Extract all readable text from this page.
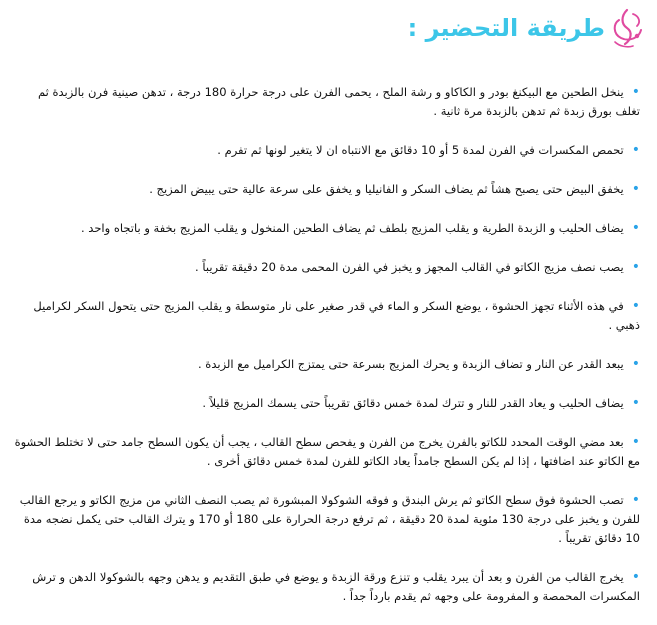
طريقة التحضير :
•ينخل الطحين مع البيكنغ بودر و الكاكاو و رشة الملح ، يحمى الفرن على درجة حرارة 180 درجة ، تدهن صينية فرن بالزبدة ثم تغلف بورق زبدة ثم تدهن بالزبدة مرة ثانية .
•تحمص المكسرات في الفرن لمدة 5 أو 10 دقائق مع الانتباه ان لا يتغير لونها ثم تفرم .
•يخفق البيض حتى يصبح هشاً ثم يضاف السكر و الفانيليا و يخفق على سرعة عالية حتى يبيض المزيج .
•يضاف الحليب و الزبدة الطرية و يقلب المزيج بلطف ثم يضاف الطحين المنخول و يقلب المزيج بخفة و باتجاه واحد .
•يصب نصف مزيج الكاتو في القالب المجهز و يخبز في الفرن المحمى مدة 20 دقيقة تقريباً .
•في هذه الأثناء تجهز الحشوة ، يوضع السكر و الماء في قدر صغير على نار متوسطة و يقلب المزيج حتى يتحول السكر لكراميل ذهبي .
•يبعد القدر عن النار و تضاف الزبدة و يحرك المزيج بسرعة حتى يمتزج الكراميل مع الزبدة .
•يضاف الحليب و يعاد القدر للنار و تترك لمدة خمس دقائق تقريباً حتى يسمك المزيج قليلاً .
•بعد مضي الوقت المحدد للكاتو بالفرن يخرج من الفرن و يفحص سطح القالب ، يجب أن يكون السطح جامد حتى لا تختلط الحشوة مع الكاتو عند اضافتها ، إذا لم يكن السطح جامداً يعاد الكاتو للفرن لمدة خمس دقائق أخرى .
•تصب الحشوة فوق سطح الكاتو ثم يرش البندق و فوقه الشوكولا المبشورة ثم يصب النصف الثاني من مزيج الكاتو و يرجع القالب للفرن و يخبز على درجة 130 مئوية لمدة 20 دقيقة ، ثم ترفع درجة الحرارة على 180 أو 170 و يترك القالب حتى يكمل نضجه مدة 10 دقائق تقريباً .
•يخرج القالب من الفرن و بعد أن يبرد يقلب و تنزع ورقة الزبدة و يوضع في طبق التقديم و يدهن وجهه بالشوكولا الدهن و ترش المكسرات المحمصة و المفرومة على وجهه ثم يقدم بارداً جداً .
